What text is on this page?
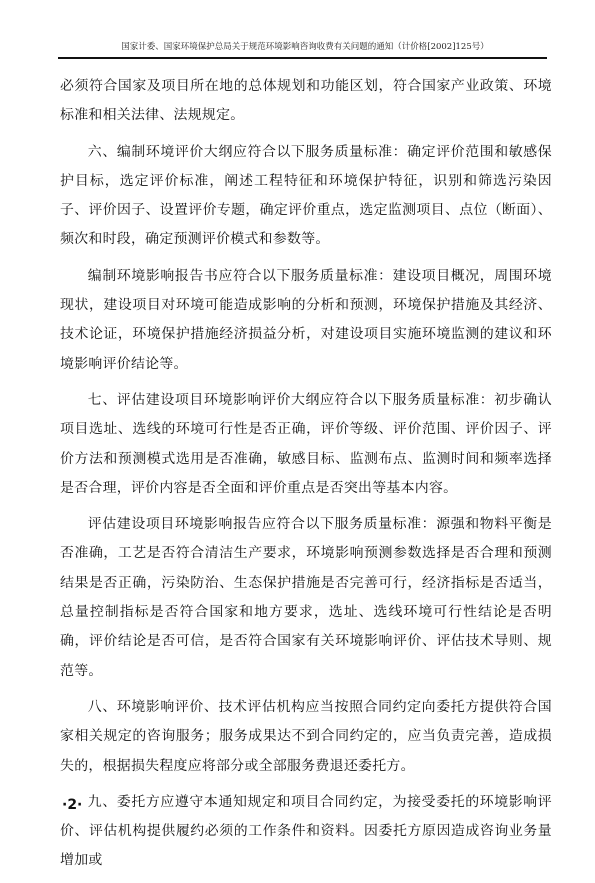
国家计委、国家环境保护总局关于规范环境影响咨询收费有关问题的通知（计价格[2002]125号）

必须符合国家及项目所在地的总体规划和功能区划，符合国家产业政策、环境标准和相关法律、法规规定。

六、编制环境评价大纲应符合以下服务质量标准：确定评价范围和敏感保护目标，选定评价标准，阐述工程特征和环境保护特征，识别和筛选污染因子、评价因子、设置评价专题，确定评价重点，选定监测项目、点位（断面）、频次和时段，确定预测评价模式和参数等。

编制环境影响报告书应符合以下服务质量标准：建设项目概况，周围环境现状，建设项目对环境可能造成影响的分析和预测，环境保护措施及其经济、技术论证，环境保护措施经济损益分析，对建设项目实施环境监测的建议和环境影响评价结论等。

七、评估建设项目环境影响评价大纲应符合以下服务质量标准：初步确认项目选址、选线的环境可行性是否正确，评价等级、评价范围、评价因子、评价方法和预测模式选用是否准确，敏感目标、监测布点、监测时间和频率选择是否合理，评价内容是否全面和评价重点是否突出等基本内容。

评估建设项目环境影响报告应符合以下服务质量标准：源强和物料平衡是否准确，工艺是否符合清洁生产要求，环境影响预测参数选择是否合理和预测结果是否正确，污染防治、生态保护措施是否完善可行，经济指标是否适当，总量控制指标是否符合国家和地方要求，选址、选线环境可行性结论是否明确，评价结论是否可信，是否符合国家有关环境影响评价、评估技术导则、规范等。

八、环境影响评价、技术评估机构应当按照合同约定向委托方提供符合国家相关规定的咨询服务；服务成果达不到合同约定的，应当负责完善，造成损失的，根据损失程度应将部分或全部服务费退还委托方。

九、委托方应遵守本通知规定和项目合同约定，为接受委托的环境影响评价、评估机构提供履约必须的工作条件和资料。因委托方原因造成咨询业务量增加或

·2·
